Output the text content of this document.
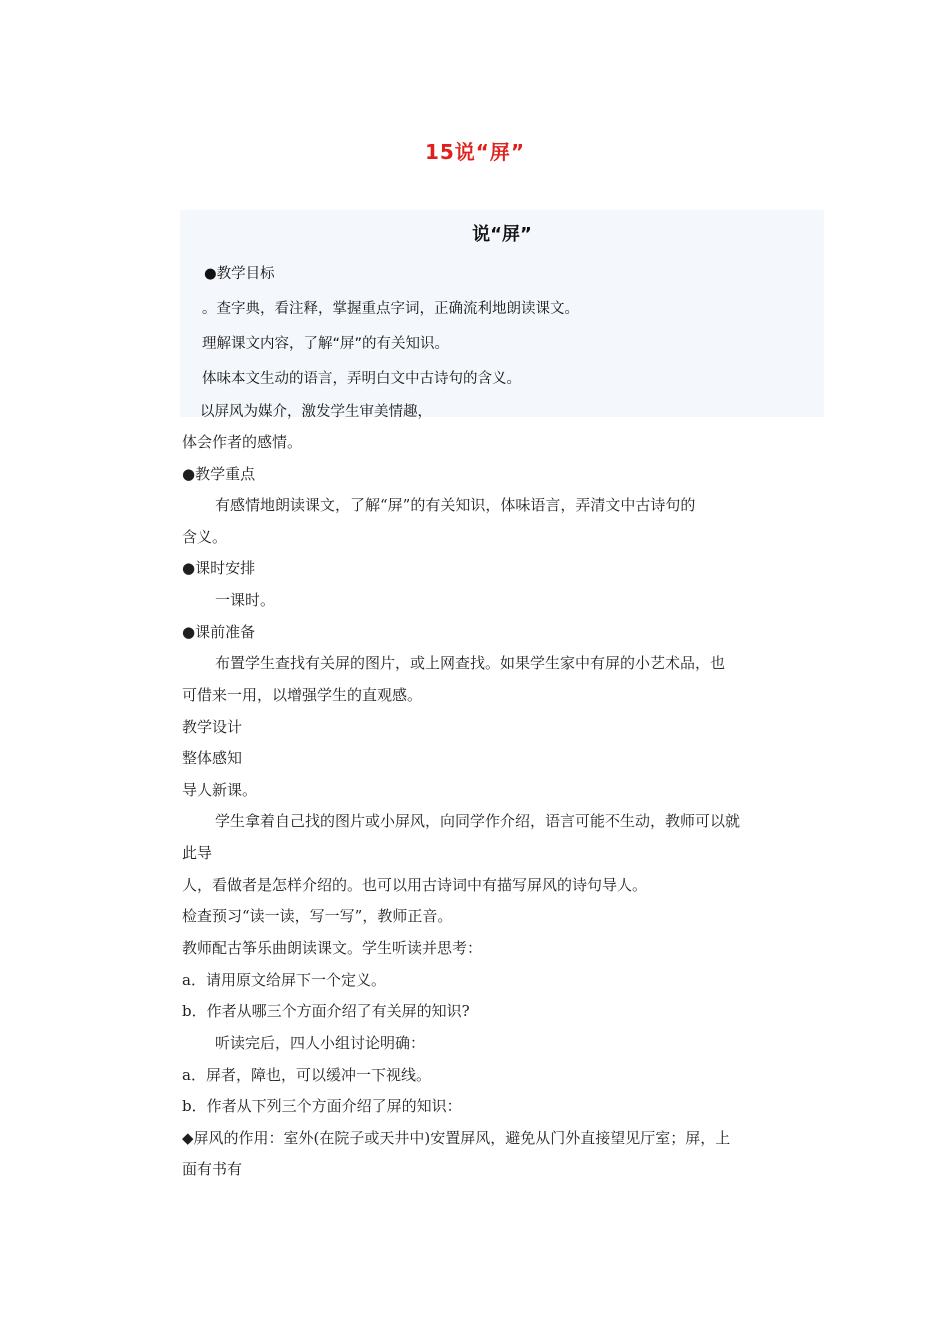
15说“屏”
说“屏”
●教学目标
。查字典，看注释，掌握重点字词，正确流利地朗读课文。
理解课文内容，了解“屏”的有关知识。
体味本文生动的语言，弄明白文中古诗句的含义。
以屏风为媒介，激发学生审美情趣，
体会作者的感情。
●教学重点
有感情地朗读课文，了解“屏”的有关知识，体味语言，弄清文中古诗句的
含义。
●课时安排
一课时。
●课前准备
布置学生查找有关屏的图片，或上网查找。如果学生家中有屏的小艺术品，也
可借来一用，以增强学生的直观感。
教学设计
整体感知
导人新课。
学生拿着自己找的图片或小屏风，向同学作介绍，语言可能不生动，教师可以就
此导
人，看做者是怎样介绍的。也可以用古诗词中有描写屏风的诗句导人。
检查预习“读一读，写一写”，教师正音。
教师配古筝乐曲朗读课文。学生听读并思考：
a．请用原文给屏下一个定义。
b．作者从哪三个方面介绍了有关屏的知识?
听读完后，四人小组讨论明确：
a．屏者，障也，可以缓冲一下视线。
b．作者从下列三个方面介绍了屏的知识：
◆屏风的作用：室外(在院子或天井中)安置屏风，避免从门外直接望见厅室；屏，上
面有书有
